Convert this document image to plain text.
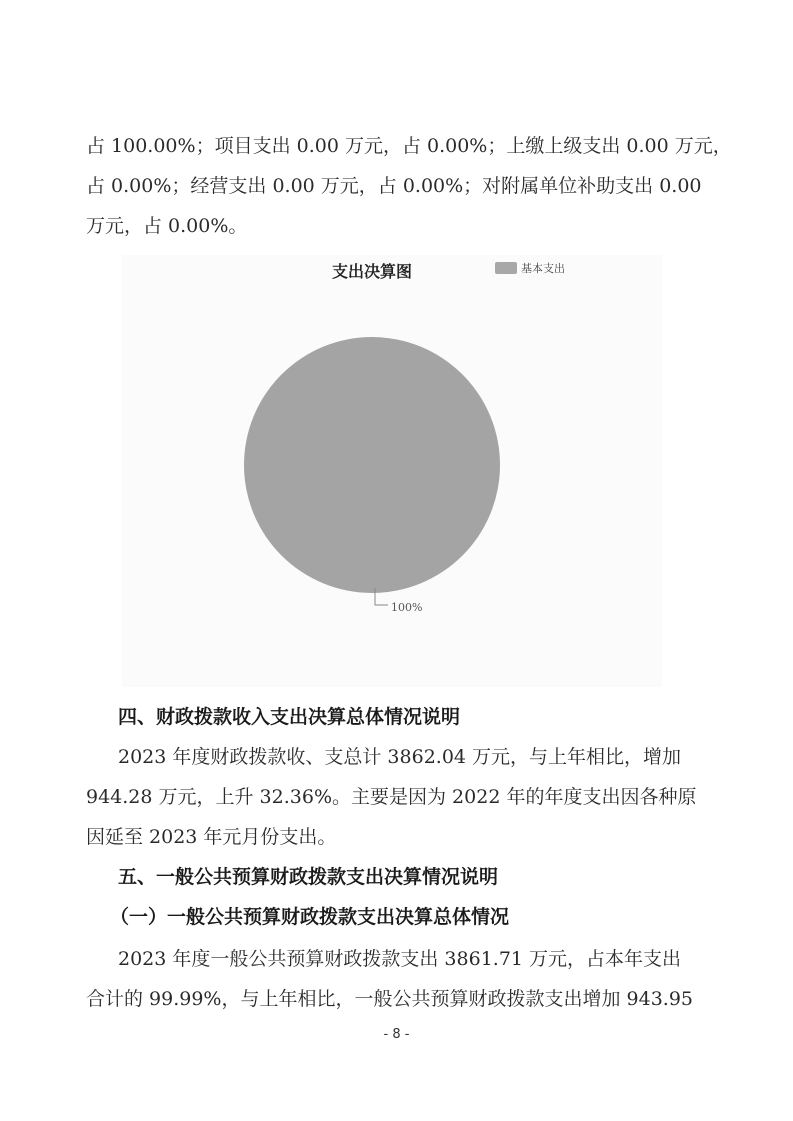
占 100.00%；项目支出 0.00 万元，占 0.00%；上缴上级支出 0.00 万元，
占 0.00%；经营支出 0.00 万元，占 0.00%；对附属单位补助支出 0.00
万元，占 0.00%。
支出决算图	基本支出
100%
四、财政拨款收入支出决算总体情况说明
2023 年度财政拨款收、支总计 3862.04 万元，与上年相比，增加
944.28 万元，上升 32.36%。主要是因为 2022 年的年度支出因各种原
因延至 2023 年元月份支出。
五、一般公共预算财政拨款支出决算情况说明
（一）一般公共预算财政拨款支出决算总体情况
2023 年度一般公共预算财政拨款支出 3861.71 万元，占本年支出
合计的 99.99%，与上年相比，一般公共预算财政拨款支出增加 943.95
- 8 -
